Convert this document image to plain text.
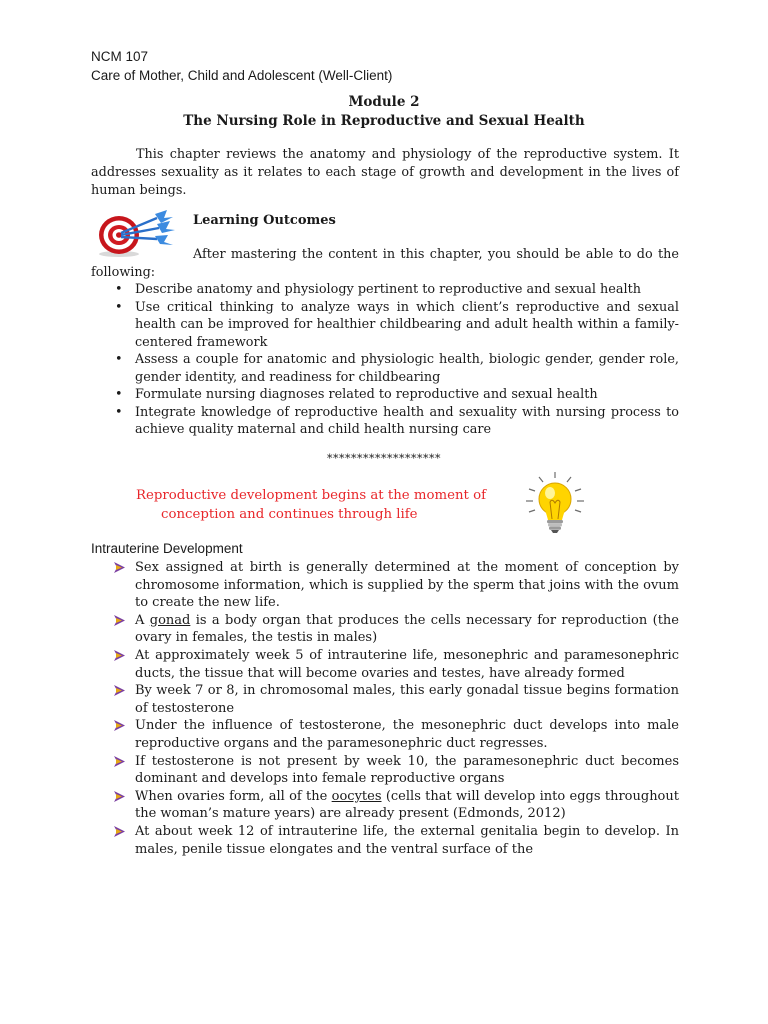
NCM 107
Care of Mother, Child and Adolescent (Well-Client)
Module 2
The Nursing Role in Reproductive and Sexual Health

This chapter reviews the anatomy and physiology of the reproductive system. It addresses sexuality as it relates to each stage of growth and development in the lives of human beings.

Learning Outcomes

After mastering the content in this chapter, you should be able to do the following:

• Describe anatomy and physiology pertinent to reproductive and sexual health
• Use critical thinking to analyze ways in which client’s reproductive and sexual health can be improved for healthier childbearing and adult health within a family-centered framework
• Assess a couple for anatomic and physiologic health, biologic gender, gender role, gender identity, and readiness for childbearing
• Formulate nursing diagnoses related to reproductive and sexual health
• Integrate knowledge of reproductive health and sexuality with nursing process to achieve quality maternal and child health nursing care
*******************
Reproductive development begins at the moment of
conception and continues through life
Intrauterine Development
Sex assigned at birth is generally determined at the moment of conception by chromosome information, which is supplied by the sperm that joins with the ovum to create the new life.
A gonad is a body organ that produces the cells necessary for reproduction (the ovary in females, the testis in males)
At approximately week 5 of intrauterine life, mesonephric and paramesonephric ducts, the tissue that will become ovaries and testes, have already formed
By week 7 or 8, in chromosomal males, this early gonadal tissue begins formation of testosterone
Under the influence of testosterone, the mesonephric duct develops into male reproductive organs and the paramesonephric duct regresses.
If testosterone is not present by week 10, the paramesonephric duct becomes dominant and develops into female reproductive organs
When ovaries form, all of the oocytes (cells that will develop into eggs throughout the woman’s mature years) are already present (Edmonds, 2012)
At about week 12 of intrauterine life, the external genitalia begin to develop. In males, penile tissue elongates and the ventral surface of the
